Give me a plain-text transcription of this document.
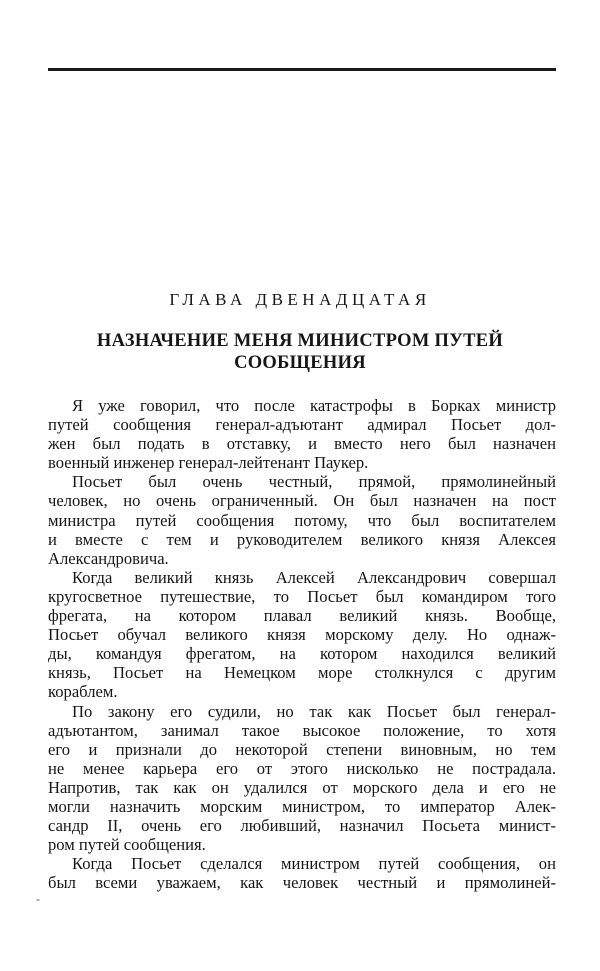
ГЛАВА ДВЕНАДЦАТАЯ
НАЗНАЧЕНИЕ МЕНЯ МИНИСТРОМ ПУТЕЙ
СООБЩЕНИЯ
Я уже говорил, что после катастрофы в Борках министр
путей сообщения генерал-адъютант адмирал Посьет дол-
жен был подать в отставку, и вместо него был назначен
военный инженер генерал-лейтенант Паукер.
Посьет был очень честный, прямой, прямолинейный
человек, но очень ограниченный. Он был назначен на пост
министра путей сообщения потому, что был воспитателем
и вместе с тем и руководителем великого князя Алексея
Александровича.
Когда великий князь Алексей Александрович совершал
кругосветное путешествие, то Посьет был командиром того
фрегата, на котором плавал великий князь. Вообще,
Посьет обучал великого князя морскому делу. Но однаж-
ды, командуя фрегатом, на котором находился великий
князь, Посьет на Немецком море столкнулся с другим
кораблем.
По закону его судили, но так как Посьет был генерал-
адъютантом, занимал такое высокое положение, то хотя
его и признали до некоторой степени виновным, но тем
не менее карьера его от этого нисколько не пострадала.
Напротив, так как он удалился от морского дела и его не
могли назначить морским министром, то император Алек-
сандр II, очень его любивший, назначил Посьета минист-
ром путей сообщения.
Когда Посьет сделался министром путей сообщения, он
был всеми уважаем, как человек честный и прямолиней-
‐
